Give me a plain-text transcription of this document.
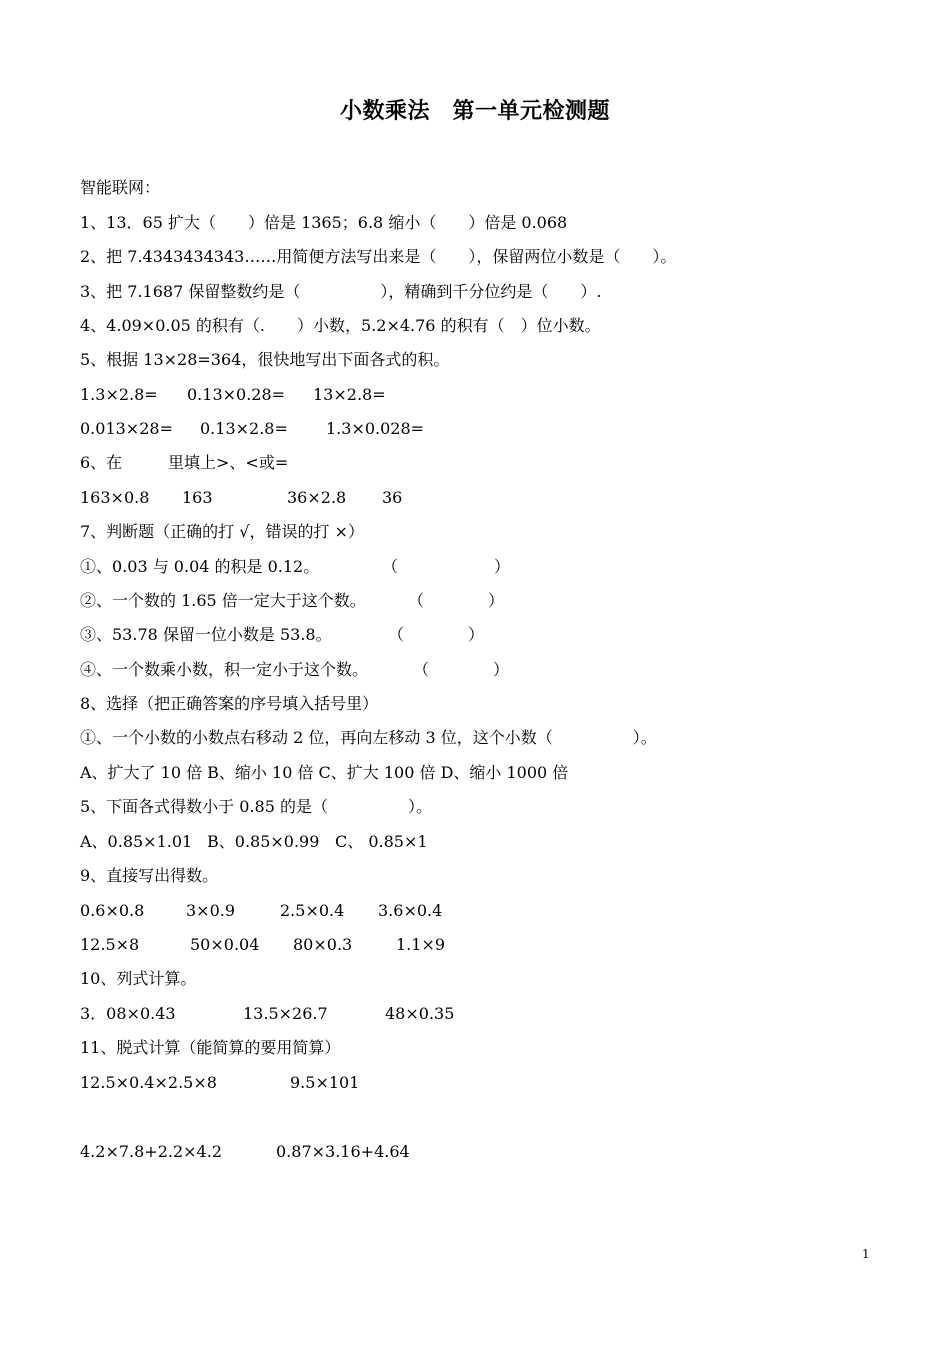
小数乘法　第一单元检测题
智能联网：
1、13．65 扩大（　　）倍是 1365；6.8 缩小（　　）倍是 0.068
2、把 7.4343434343……用简便方法写出来是（　　），保留两位小数是（　　）。
3、把 7.1687 保留整数约是（　　　　　），精确到千分位约是（　　）.
4、4.09×0.05 的积有（.　　）小数，5.2×4.76 的积有（　）位小数。
5、根据 13×28=364，很快地写出下面各式的积。
1.3×2.8= 0.13×0.28= 13×2.8=
0.013×28= 0.13×2.8= 1.3×0.028=
6、在	里填上>、<或=
163×0.8 163	36×2.8 36
7、判断题（正确的打 √，错误的打 ×）
①、0.03 与 0.04 的积是 0.12。	（　　　　　　）
②、一个数的 1.65 倍一定大于这个数。	（　　　　）
③、53.78 保留一位小数是 53.8。	（　　　　）
④、一个数乘小数，积一定小于这个数。	（　　　　）
8、选择（把正确答案的序号填入括号里）
①、一个小数的小数点右移动 2 位，再向左移动 3 位，这个小数（　　　　　）。
A、扩大了 10 倍 B、缩小 10 倍 C、扩大 100 倍 D、缩小 1000 倍
5、下面各式得数小于 0.85 的是（　　　　　）。
A、0.85×1.01 B、0.85×0.99 C、 0.85×1
9、直接写出得数。
0.6×0.8	3×0.9	2.5×0.4 3.6×0.4
12.5×8	50×0.04 80×0.3	1.1×9
10、列式计算。
3．08×0.43	13.5×26.7	48×0.35
11、脱式计算（能简算的要用简算）
12.5×0.4×2.5×8	9.5×101
4.2×7.8+2.2×4.2	0.87×3.16+4.64
1
